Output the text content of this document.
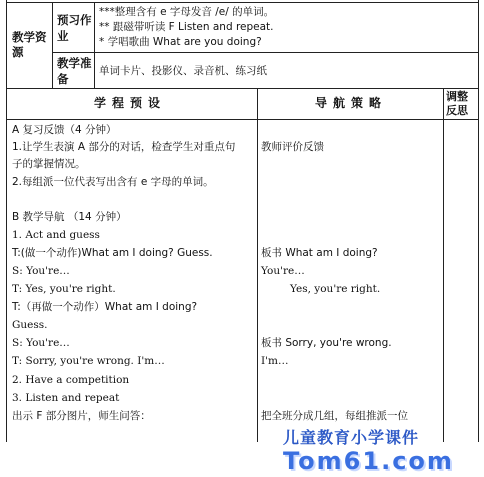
教学资源
预习作业
***整理含有 e 字母发音 /e/ 的单词。
** 跟磁带听读 F Listen and repeat.
* 学唱歌曲 What are you doing?
教学准备
单词卡片、投影仪、录音机、练习纸
学程预设	导航策略	调整反思
A 复习反馈（4 分钟）
1.让学生表演 A 部分的对话，检查学生对重点句
子的掌握情况。
2.每组派一位代表写出含有 e 字母的单词。
B 教学导航 （14 分钟）
1. Act and guess
T:(做一个动作)What am I doing? Guess.
S: You're…
T: Yes, you're right.
T:（再做一个动作）What am I doing?
Guess.
S: You're…
T: Sorry, you're wrong. I'm…
2. Have a competition
3. Listen and repeat
出示 F 部分图片，师生问答：
教师评价反馈
板书 What am I doing?
You're…
Yes, you're right.
板书 Sorry, you're wrong.
I'm…
把全班分成几组，每组推派一位
儿童教育小学课件
Tom61.com
